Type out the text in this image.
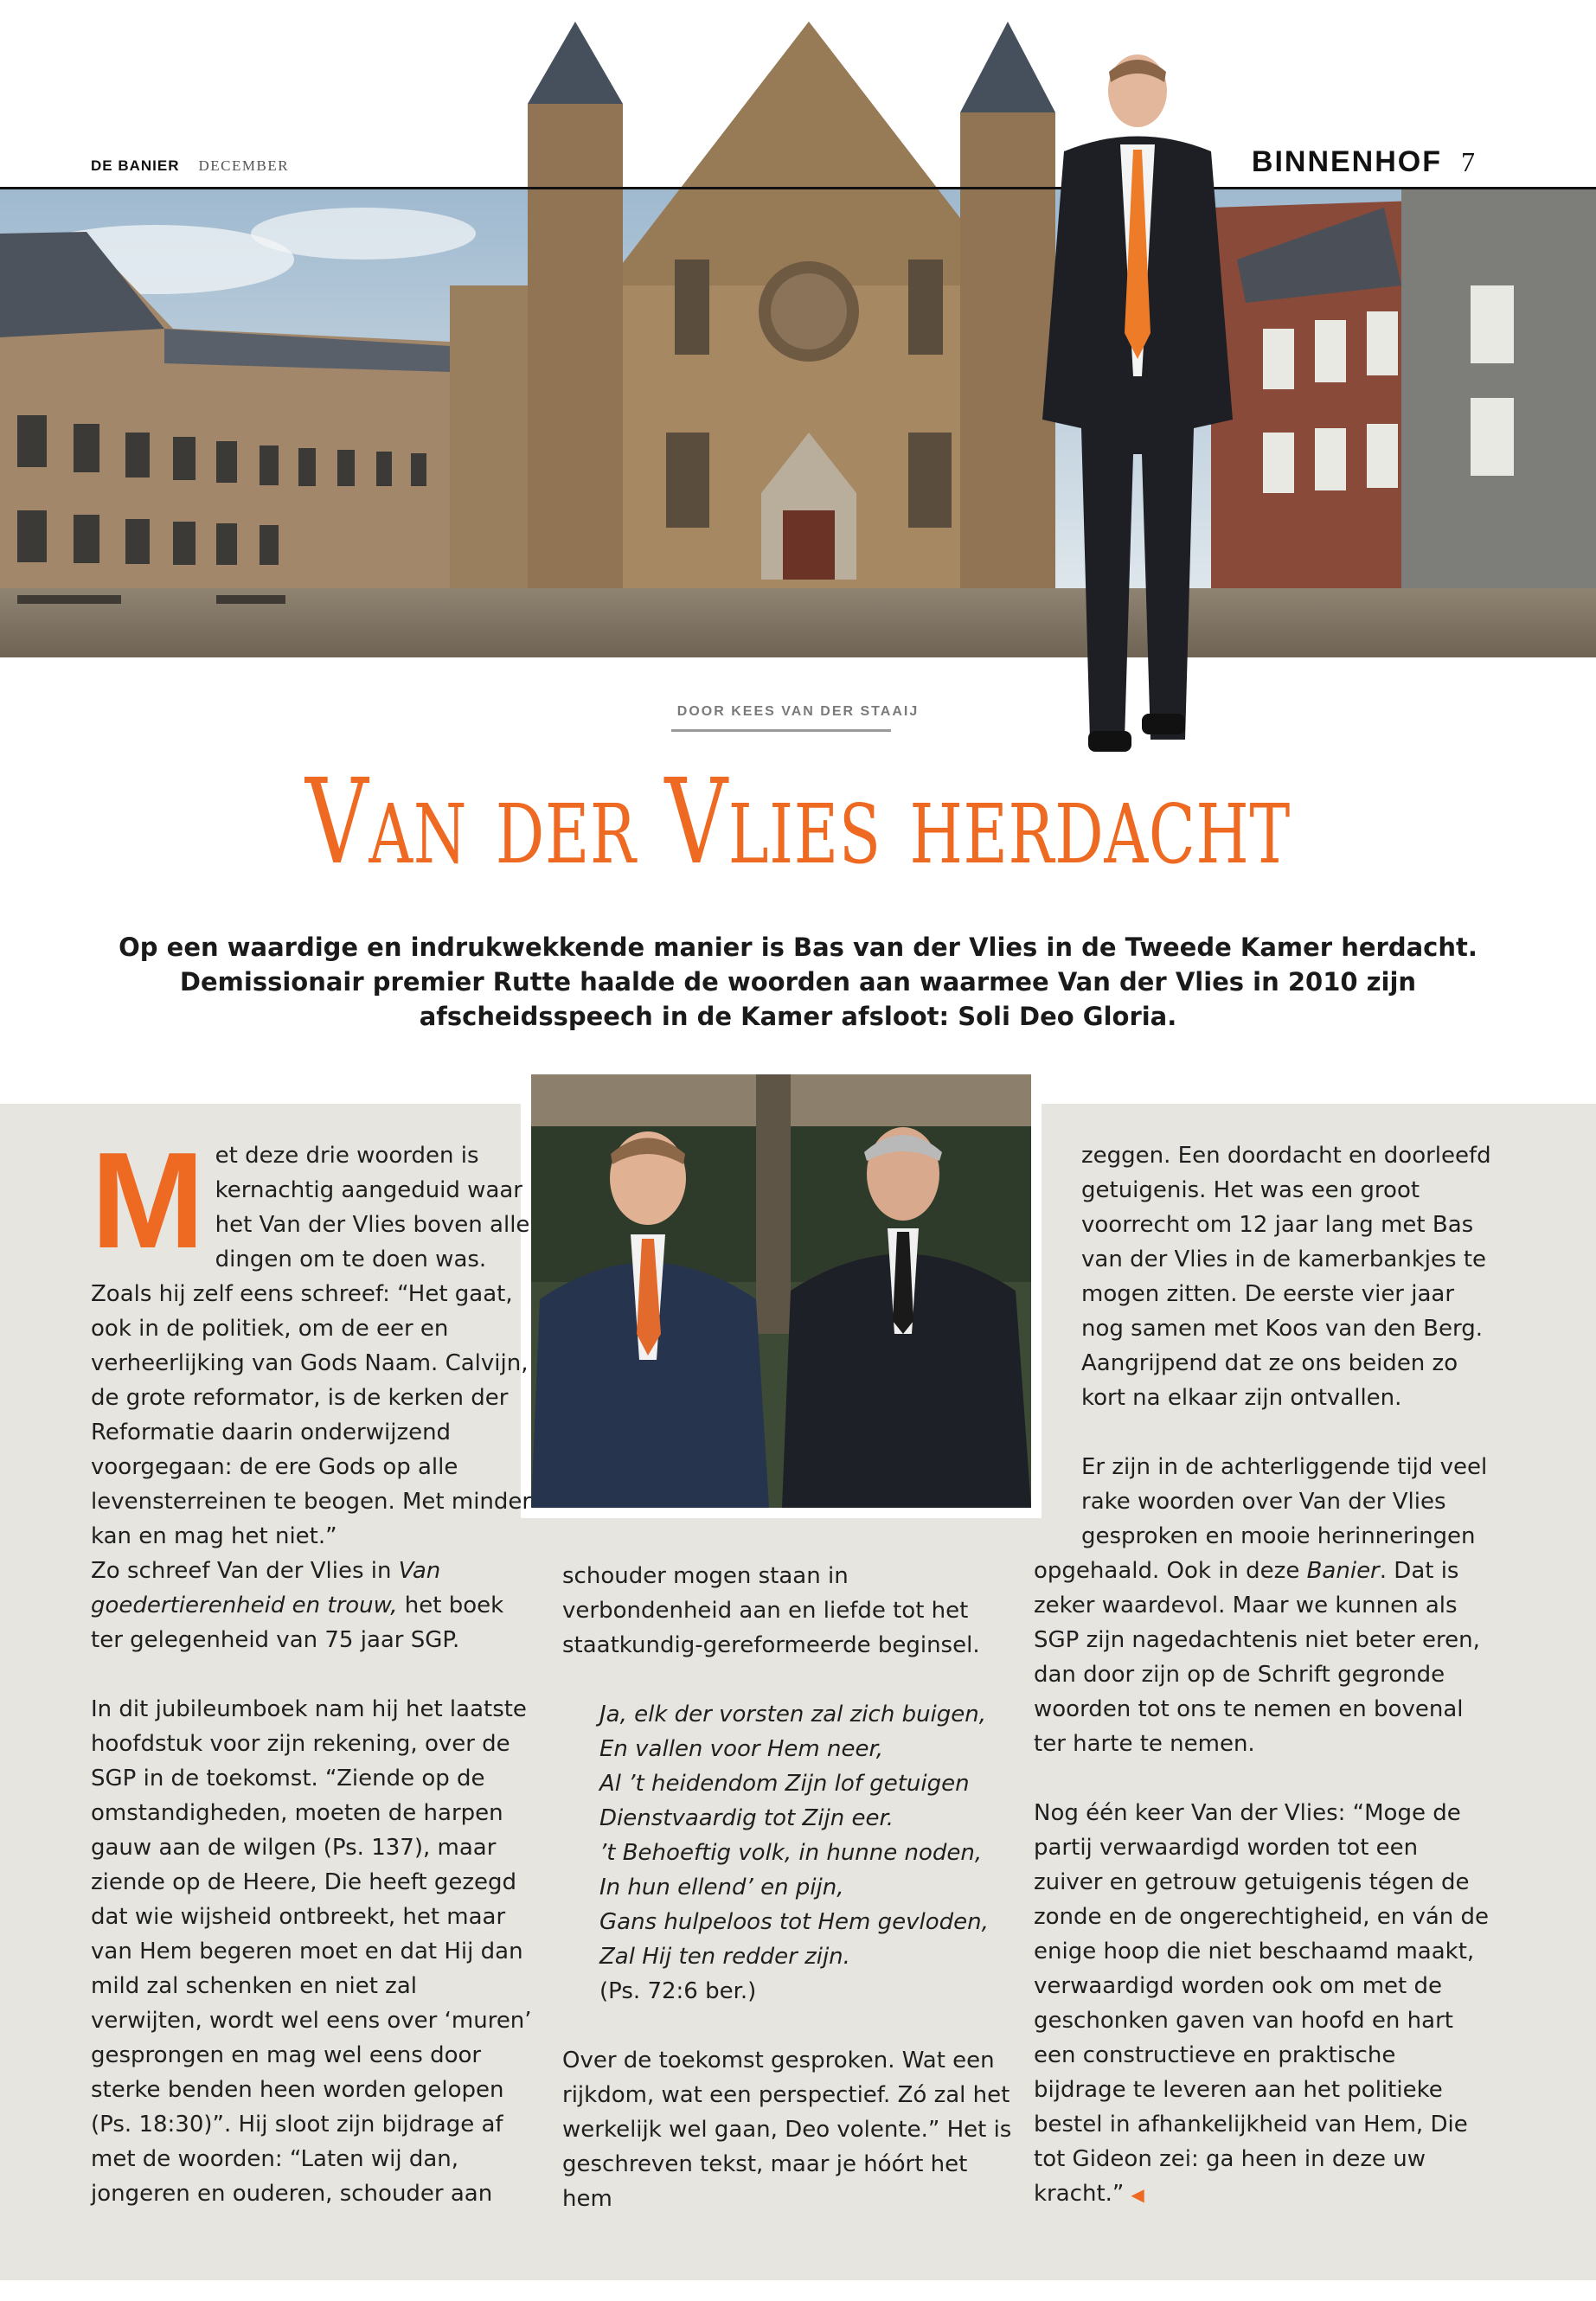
DE BANIER DECEMBER	BINNENHOF 7
DOOR KEES VAN DER STAAIJ
Van der Vlies herdacht
Op een waardige en indrukwekkende manier is Bas van der Vlies in de Tweede Kamer herdacht. Demissionair premier Rutte haalde de woorden aan waarmee Van der Vlies in 2010 zijn afscheidsspeech in de Kamer afsloot: Soli Deo Gloria.

Met deze drie woorden is kernachtig aangeduid waar het Van der Vlies boven alle dingen om te doen was. Zoals hij zelf eens schreef: “Het gaat, ook in de politiek, om de eer en verheerlijking van Gods Naam. Calvijn, de grote reformator, is de kerken der Reformatie daarin onderwijzend voorgegaan: de ere Gods op alle levensterreinen te beogen. Met minder kan en mag het niet.”
Zo schreef Van der Vlies in Van goedertierenheid en trouw, het boek ter gelegenheid van 75 jaar SGP.

In dit jubileumboek nam hij het laatste hoofdstuk voor zijn rekening, over de SGP in de toekomst. “Ziende op de omstandigheden, moeten de harpen gauw aan de wilgen (Ps. 137), maar ziende op de Heere, Die heeft gezegd dat wie wijsheid ontbreekt, het maar van Hem begeren moet en dat Hij dan mild zal schenken en niet zal verwijten, wordt wel eens over ‘muren’ gesprongen en mag wel eens door sterke benden heen worden gelopen (Ps. 18:30)”. Hij sloot zijn bijdrage af met de woorden: “Laten wij dan, jongeren en ouderen, schouder aan

schouder mogen staan in verbondenheid aan en liefde tot het staatkundig-gereformeerde beginsel.

Ja, elk der vorsten zal zich buigen,
En vallen voor Hem neer,
Al ’t heidendom Zijn lof getuigen
Dienstvaardig tot Zijn eer.
’t Behoeftig volk, in hunne noden,
In hun ellend’ en pijn,
Gans hulpeloos tot Hem gevloden,
Zal Hij ten redder zijn.
(Ps. 72:6 ber.)

Over de toekomst gesproken. Wat een rijkdom, wat een perspectief. Zó zal het werkelijk wel gaan, Deo volente.” Het is geschreven tekst, maar je hóórt het hem

zeggen. Een doordacht en doorleefd getuigenis. Het was een groot voorrecht om 12 jaar lang met Bas van der Vlies in de kamerbankjes te mogen zitten. De eerste vier jaar nog samen met Koos van den Berg. Aangrijpend dat ze ons beiden zo kort na elkaar zijn ontvallen.

Er zijn in de achterliggende tijd veel rake woorden over Van der Vlies gesproken en mooie herinneringen
opgehaald. Ook in deze Banier. Dat is zeker waardevol. Maar we kunnen als SGP zijn nagedachtenis niet beter eren, dan door zijn op de Schrift gegronde woorden tot ons te nemen en bovenal ter harte te nemen.

Nog één keer Van der Vlies: “Moge de partij verwaardigd worden tot een zuiver en getrouw getuigenis tégen de zonde en de ongerechtigheid, en ván de enige hoop die niet beschaamd maakt, verwaardigd worden ook om met de geschonken gaven van hoofd en hart een constructieve en praktische bijdrage te leveren aan het politieke bestel in afhankelijkheid van Hem, Die tot Gideon zei: ga heen in deze uw kracht.” ◀
